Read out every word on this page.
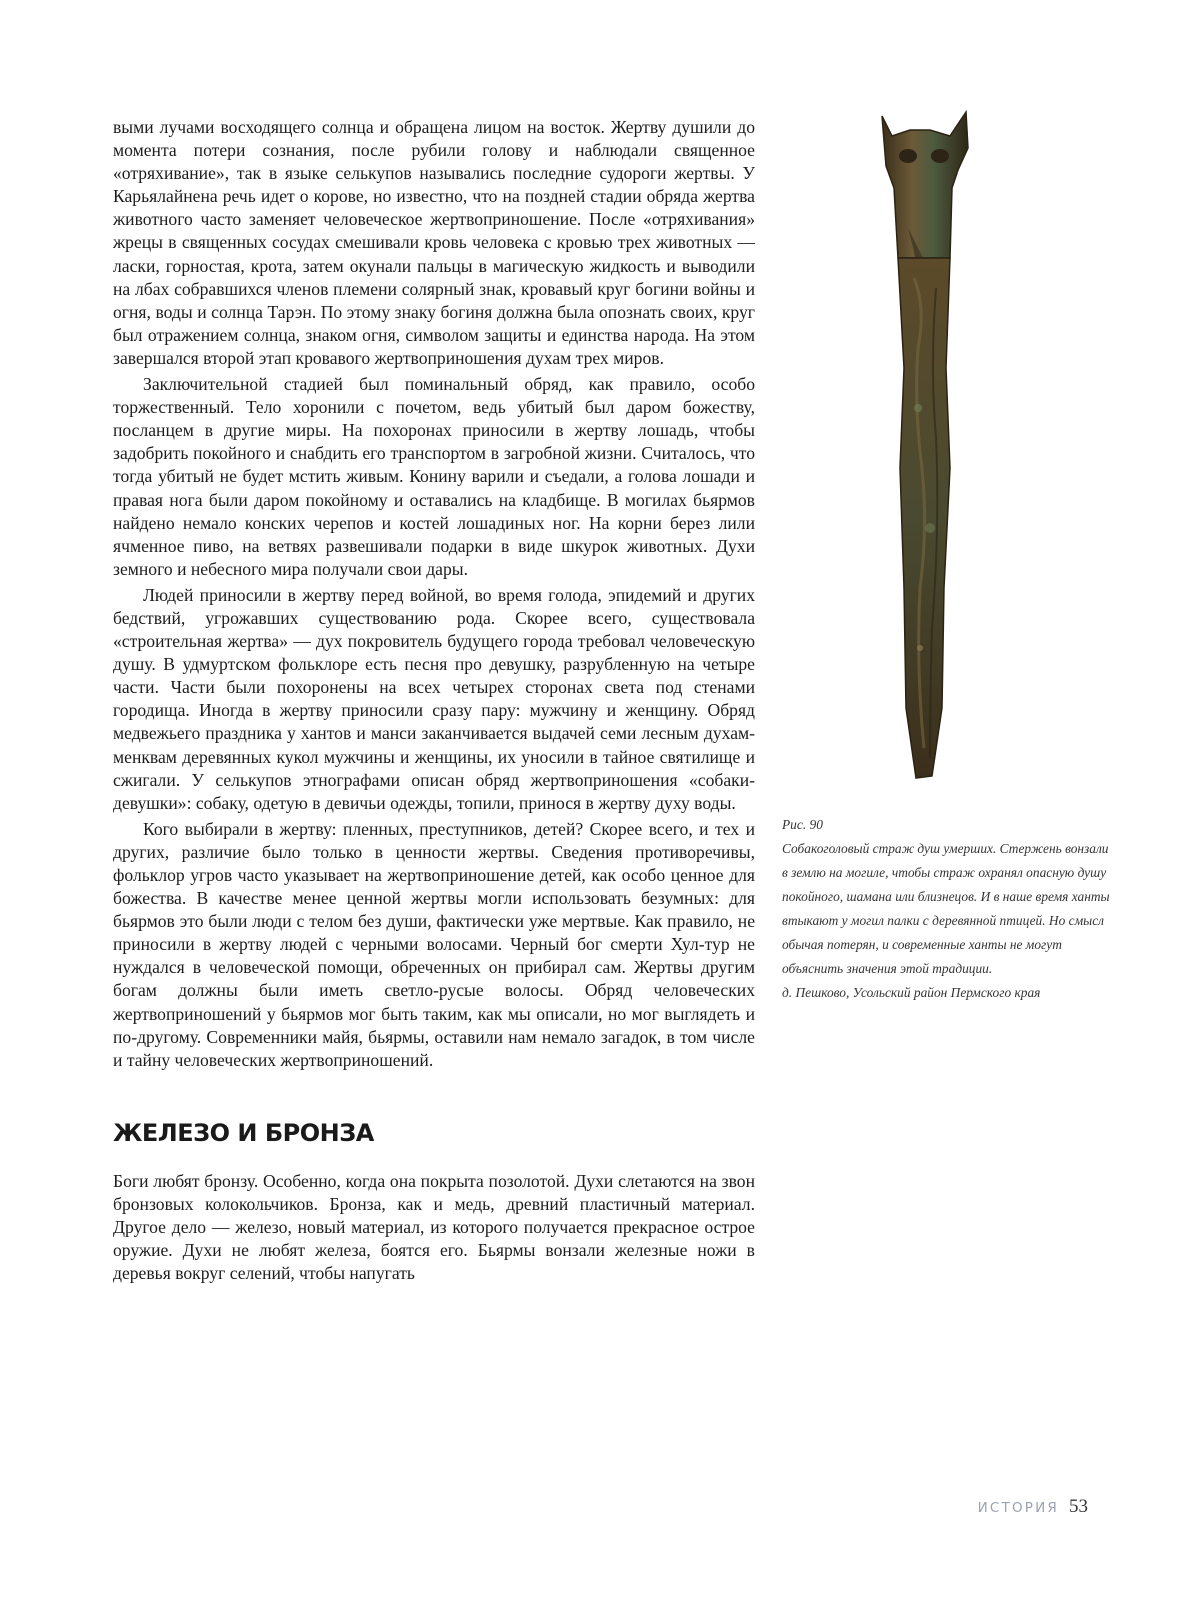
выми лучами восходящего солнца и обращена лицом на восток. Жертву душили до момента потери сознания, после рубили голову и наблюдали священное «отряхивание», так в языке селькупов назывались последние судороги жертвы. У Карьялайнена речь идет о корове, но известно, что на поздней стадии обряда жертва животного часто заменяет человеческое жертвоприношение. После «отряхивания» жрецы в священных сосудах смешивали кровь человека с кровью трех животных — ласки, горностая, крота, затем окунали пальцы в магическую жидкость и выводили на лбах собравшихся членов племени солярный знак, кровавый круг богини войны и огня, воды и солнца Тарэн. По этому знаку богиня должна была опознать своих, круг был отражением солнца, знаком огня, символом защиты и единства народа. На этом завершался второй этап кровавого жертвоприношения духам трех миров.

Заключительной стадией был поминальный обряд, как правило, особо торжественный. Тело хоронили с почетом, ведь убитый был даром божеству, посланцем в другие миры. На похоронах приносили в жертву лошадь, чтобы задобрить покойного и снабдить его транспортом в загробной жизни. Считалось, что тогда убитый не будет мстить живым. Конину варили и съедали, а голова лошади и правая нога были даром покойному и оставались на кладбище. В могилах бьярмов найдено немало конских черепов и костей лошадиных ног. На корни берез лили ячменное пиво, на ветвях развешивали подарки в виде шкурок животных. Духи земного и небесного мира получали свои дары.

Людей приносили в жертву перед войной, во время голода, эпидемий и других бедствий, угрожавших существованию рода. Скорее всего, существовала «строительная жертва» — дух покровитель будущего города требовал человеческую душу. В удмуртском фольклоре есть песня про девушку, разрубленную на четыре части. Части были похоронены на всех четырех сторонах света под стенами городища. Иногда в жертву приносили сразу пару: мужчину и женщину. Обряд медвежьего праздника у хантов и манси заканчивается выдачей семи лесным духам-менквам деревянных кукол мужчины и женщины, их уносили в тайное святилище и сжигали. У селькупов этнографами описан обряд жертвоприношения «собаки-девушки»: собаку, одетую в девичьи одежды, топили, принося в жертву духу воды.

Кого выбирали в жертву: пленных, преступников, детей? Скорее всего, и тех и других, различие было только в ценности жертвы. Сведения противоречивы, фольклор угров часто указывает на жертвоприношение детей, как особо ценное для божества. В качестве менее ценной жертвы могли использовать безумных: для бьярмов это были люди с телом без души, фактически уже мертвые. Как правило, не приносили в жертву людей с черными волосами. Черный бог смерти Хул-тур не нуждался в человеческой помощи, обреченных он прибирал сам. Жертвы другим богам должны были иметь светло-русые волосы. Обряд человеческих жертвоприношений у бьярмов мог быть таким, как мы описали, но мог выглядеть и по-другому. Современники майя, бьярмы, оставили нам немало загадок, в том числе и тайну человеческих жертвоприношений.

ЖЕЛЕЗО И БРОНЗА

Боги любят бронзу. Особенно, когда она покрыта позолотой. Духи слетаются на звон бронзовых колокольчиков. Бронза, как и медь, древний пластичный материал. Другое дело — железо, новый материал, из которого получается прекрасное острое оружие. Духи не любят железа, боятся его. Бьярмы вонзали железные ножи в деревья вокруг селений, чтобы напугать

Рис. 90

Собакоголовый страж душ умерших. Стержень вонзали в землю на могиле, чтобы страж охранял опасную душу покойного, шамана или близнецов. И в наше время ханты втыкают у могил палки с деревянной птицей. Но смысл обычая потерян, и современные ханты не могут объяснить значения этой традиции.

д. Пешково, Усольский район Пермского края

ИСТОРИЯ 53
